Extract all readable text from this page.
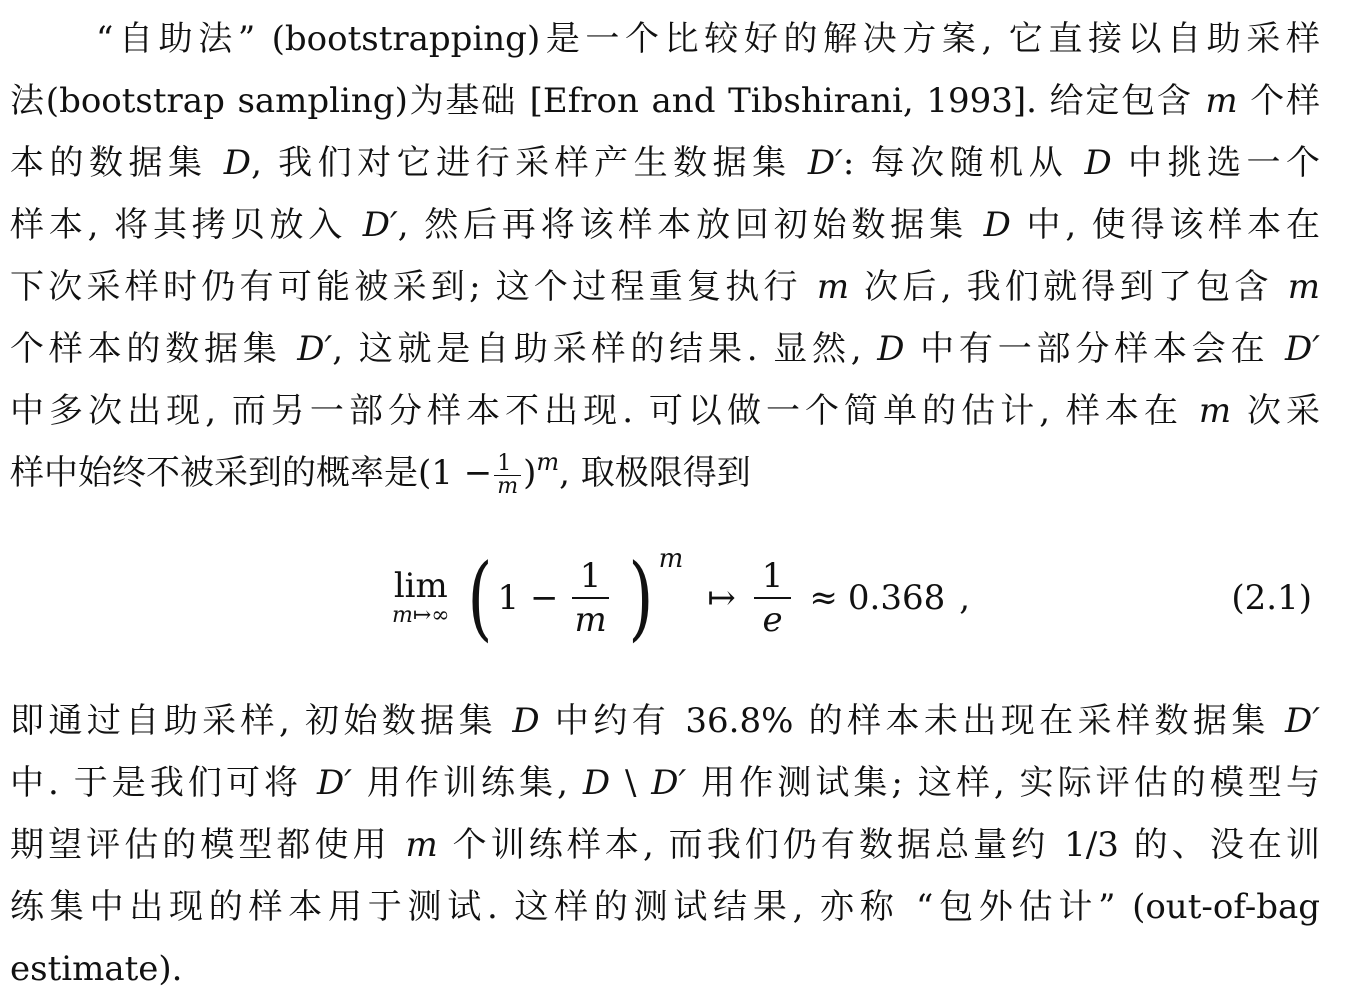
“自助法” (bootstrapping)是一个比较好的解决方案, 它直接以自助采样
法(bootstrap sampling)为基础 [Efron and Tibshirani, 1993]. 给定包含 m 个样
本的数据集 D, 我们对它进行采样产生数据集 D′: 每次随机从 D 中挑选一个
样本, 将其拷贝放入 D′, 然后再将该样本放回初始数据集 D 中, 使得该样本在
下次采样时仍有可能被采到; 这个过程重复执行 m 次后, 我们就得到了包含 m
个样本的数据集 D′, 这就是自助采样的结果. 显然, D 中有一部分样本会在 D′
中多次出现, 而另一部分样本不出现. 可以做一个简单的估计, 样本在 m 次采
样中始终不被采到的概率是$(1 - \frac{1}{m} )^m$, 取极限得到
lim
m↦∞ ( $1 - \frac{1}{m}$ ) m
↦ $\frac{1}{e} \approx 0.368$ ,	(2.1)
即通过自助采样, 初始数据集 D 中约有 36.8% 的样本未出现在采样数据集 D′
中. 于是我们可将 D′ 用作训练集, D \ D′ 用作测试集; 这样, 实际评估的模型与
期望评估的模型都使用 m 个训练样本, 而我们仍有数据总量约 1/3 的、没在训
练集中出现的样本用于测试. 这样的测试结果, 亦称 “包外估计” (out-of-bag
estimate).
